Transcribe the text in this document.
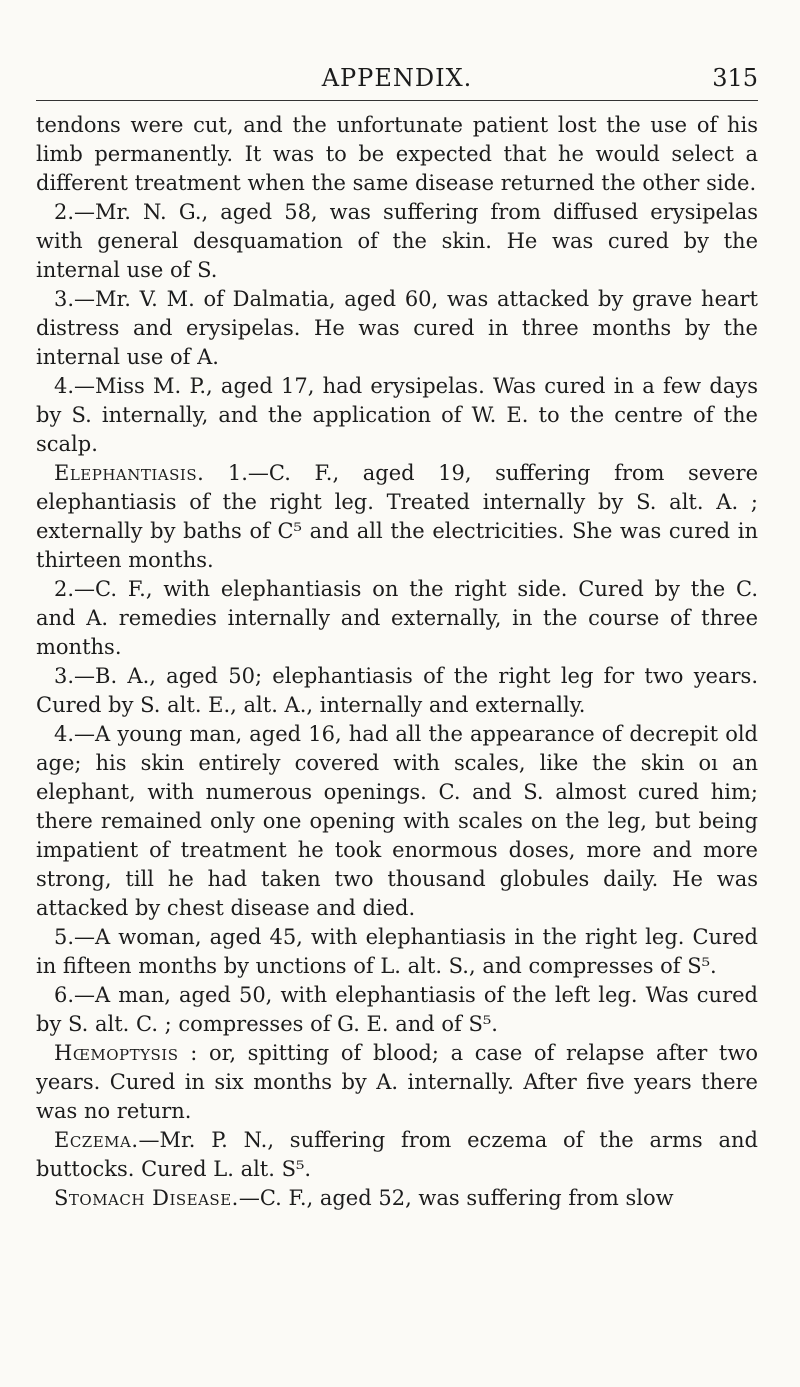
APPENDIX.	315

tendons were cut, and the unfortunate patient lost the use of his limb permanently. It was to be expected that he would select a different treatment when the same disease returned the other side.

2.—Mr. N. G., aged 58, was suffering from diffused erysipelas with general desquamation of the skin. He was cured by the internal use of S.

3.—Mr. V. M. of Dalmatia, aged 60, was attacked by grave heart distress and erysipelas. He was cured in three months by the internal use of A.

4.—Miss M. P., aged 17, had erysipelas. Was cured in a few days by S. internally, and the application of W. E. to the centre of the scalp.

Elephantiasis. 1.—C. F., aged 19, suffering from severe elephantiasis of the right leg. Treated internally by S. alt. A. ; externally by baths of C⁵ and all the electricities. She was cured in thirteen months.

2.—C. F., with elephantiasis on the right side. Cured by the C. and A. remedies internally and externally, in the course of three months.

3.—B. A., aged 50; elephantiasis of the right leg for two years. Cured by S. alt. E., alt. A., internally and externally.

4.—A young man, aged 16, had all the appearance of decrepit old age; his skin entirely covered with scales, like the skin oı an elephant, with numerous openings. C. and S. almost cured him; there remained only one opening with scales on the leg, but being impatient of treatment he took enormous doses, more and more strong, till he had taken two thousand globules daily. He was attacked by chest disease and died.

5.—A woman, aged 45, with elephantiasis in the right leg. Cured in fifteen months by unctions of L. alt. S., and compresses of S⁵.

6.—A man, aged 50, with elephantiasis of the left leg. Was cured by S. alt. C. ; compresses of G. E. and of S⁵.

Hœmoptysis : or, spitting of blood; a case of relapse after two years. Cured in six months by A. internally. After five years there was no return.

Eczema.—Mr. P. N., suffering from eczema of the arms and buttocks. Cured L. alt. S⁵.

Stomach Disease.—C. F., aged 52, was suffering from slow
